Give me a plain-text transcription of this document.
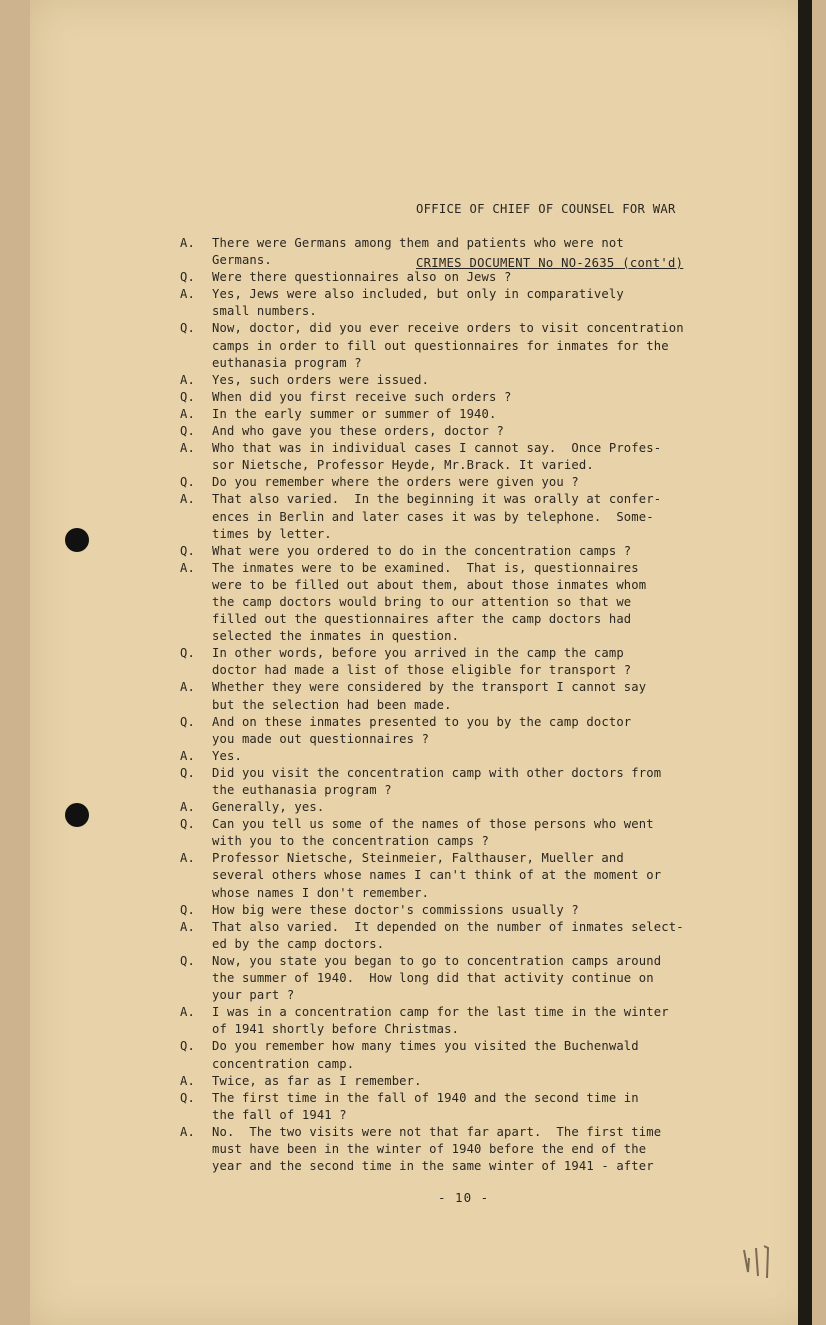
OFFICE OF CHIEF OF COUNSEL FOR WAR

CRIMES DOCUMENT No NO-2635 (cont'd)

A. There were Germans among them and patients who were not
Germans.
Q. Were there questionnaires also on Jews ?
A. Yes, Jews were also included, but only in comparatively
small numbers.
Q. Now, doctor, did you ever receive orders to visit concentration
camps in order to fill out questionnaires for inmates for the
euthanasia program ?
A. Yes, such orders were issued.
Q. When did you first receive such orders ?
A. In the early summer or summer of 1940.
Q. And who gave you these orders, doctor ?
A. Who that was in individual cases I cannot say.  Once Profes-
sor Nietsche, Professor Heyde, Mr.Brack. It varied.
Q. Do you remember where the orders were given you ?
A. That also varied.  In the beginning it was orally at confer-
ences in Berlin and later cases it was by telephone.  Some-
times by letter.
Q. What were you ordered to do in the concentration camps ?
A. The inmates were to be examined.  That is, questionnaires
were to be filled out about them, about those inmates whom
the camp doctors would bring to our attention so that we
filled out the questionnaires after the camp doctors had
selected the inmates in question.
Q. In other words, before you arrived in the camp the camp
doctor had made a list of those eligible for transport ?
A. Whether they were considered by the transport I cannot say
but the selection had been made.
Q. And on these inmates presented to you by the camp doctor
you made out questionnaires ?
A. Yes.
Q. Did you visit the concentration camp with other doctors from
the euthanasia program ?
A. Generally, yes.
Q. Can you tell us some of the names of those persons who went
with you to the concentration camps ?
A. Professor Nietsche, Steinmeier, Falthauser, Mueller and
several others whose names I can't think of at the moment or
whose names I don't remember.
Q. How big were these doctor's commissions usually ?
A. That also varied.  It depended on the number of inmates select-
ed by the camp doctors.
Q. Now, you state you began to go to concentration camps around
the summer of 1940.  How long did that activity continue on
your part ?
A. I was in a concentration camp for the last time in the winter
of 1941 shortly before Christmas.
Q. Do you remember how many times you visited the Buchenwald
concentration camp.
A. Twice, as far as I remember.
Q. The first time in the fall of 1940 and the second time in
the fall of 1941 ?
A. No.  The two visits were not that far apart.  The first time
must have been in the winter of 1940 before the end of the
year and the second time in the same winter of 1941 - after
- 10 -
